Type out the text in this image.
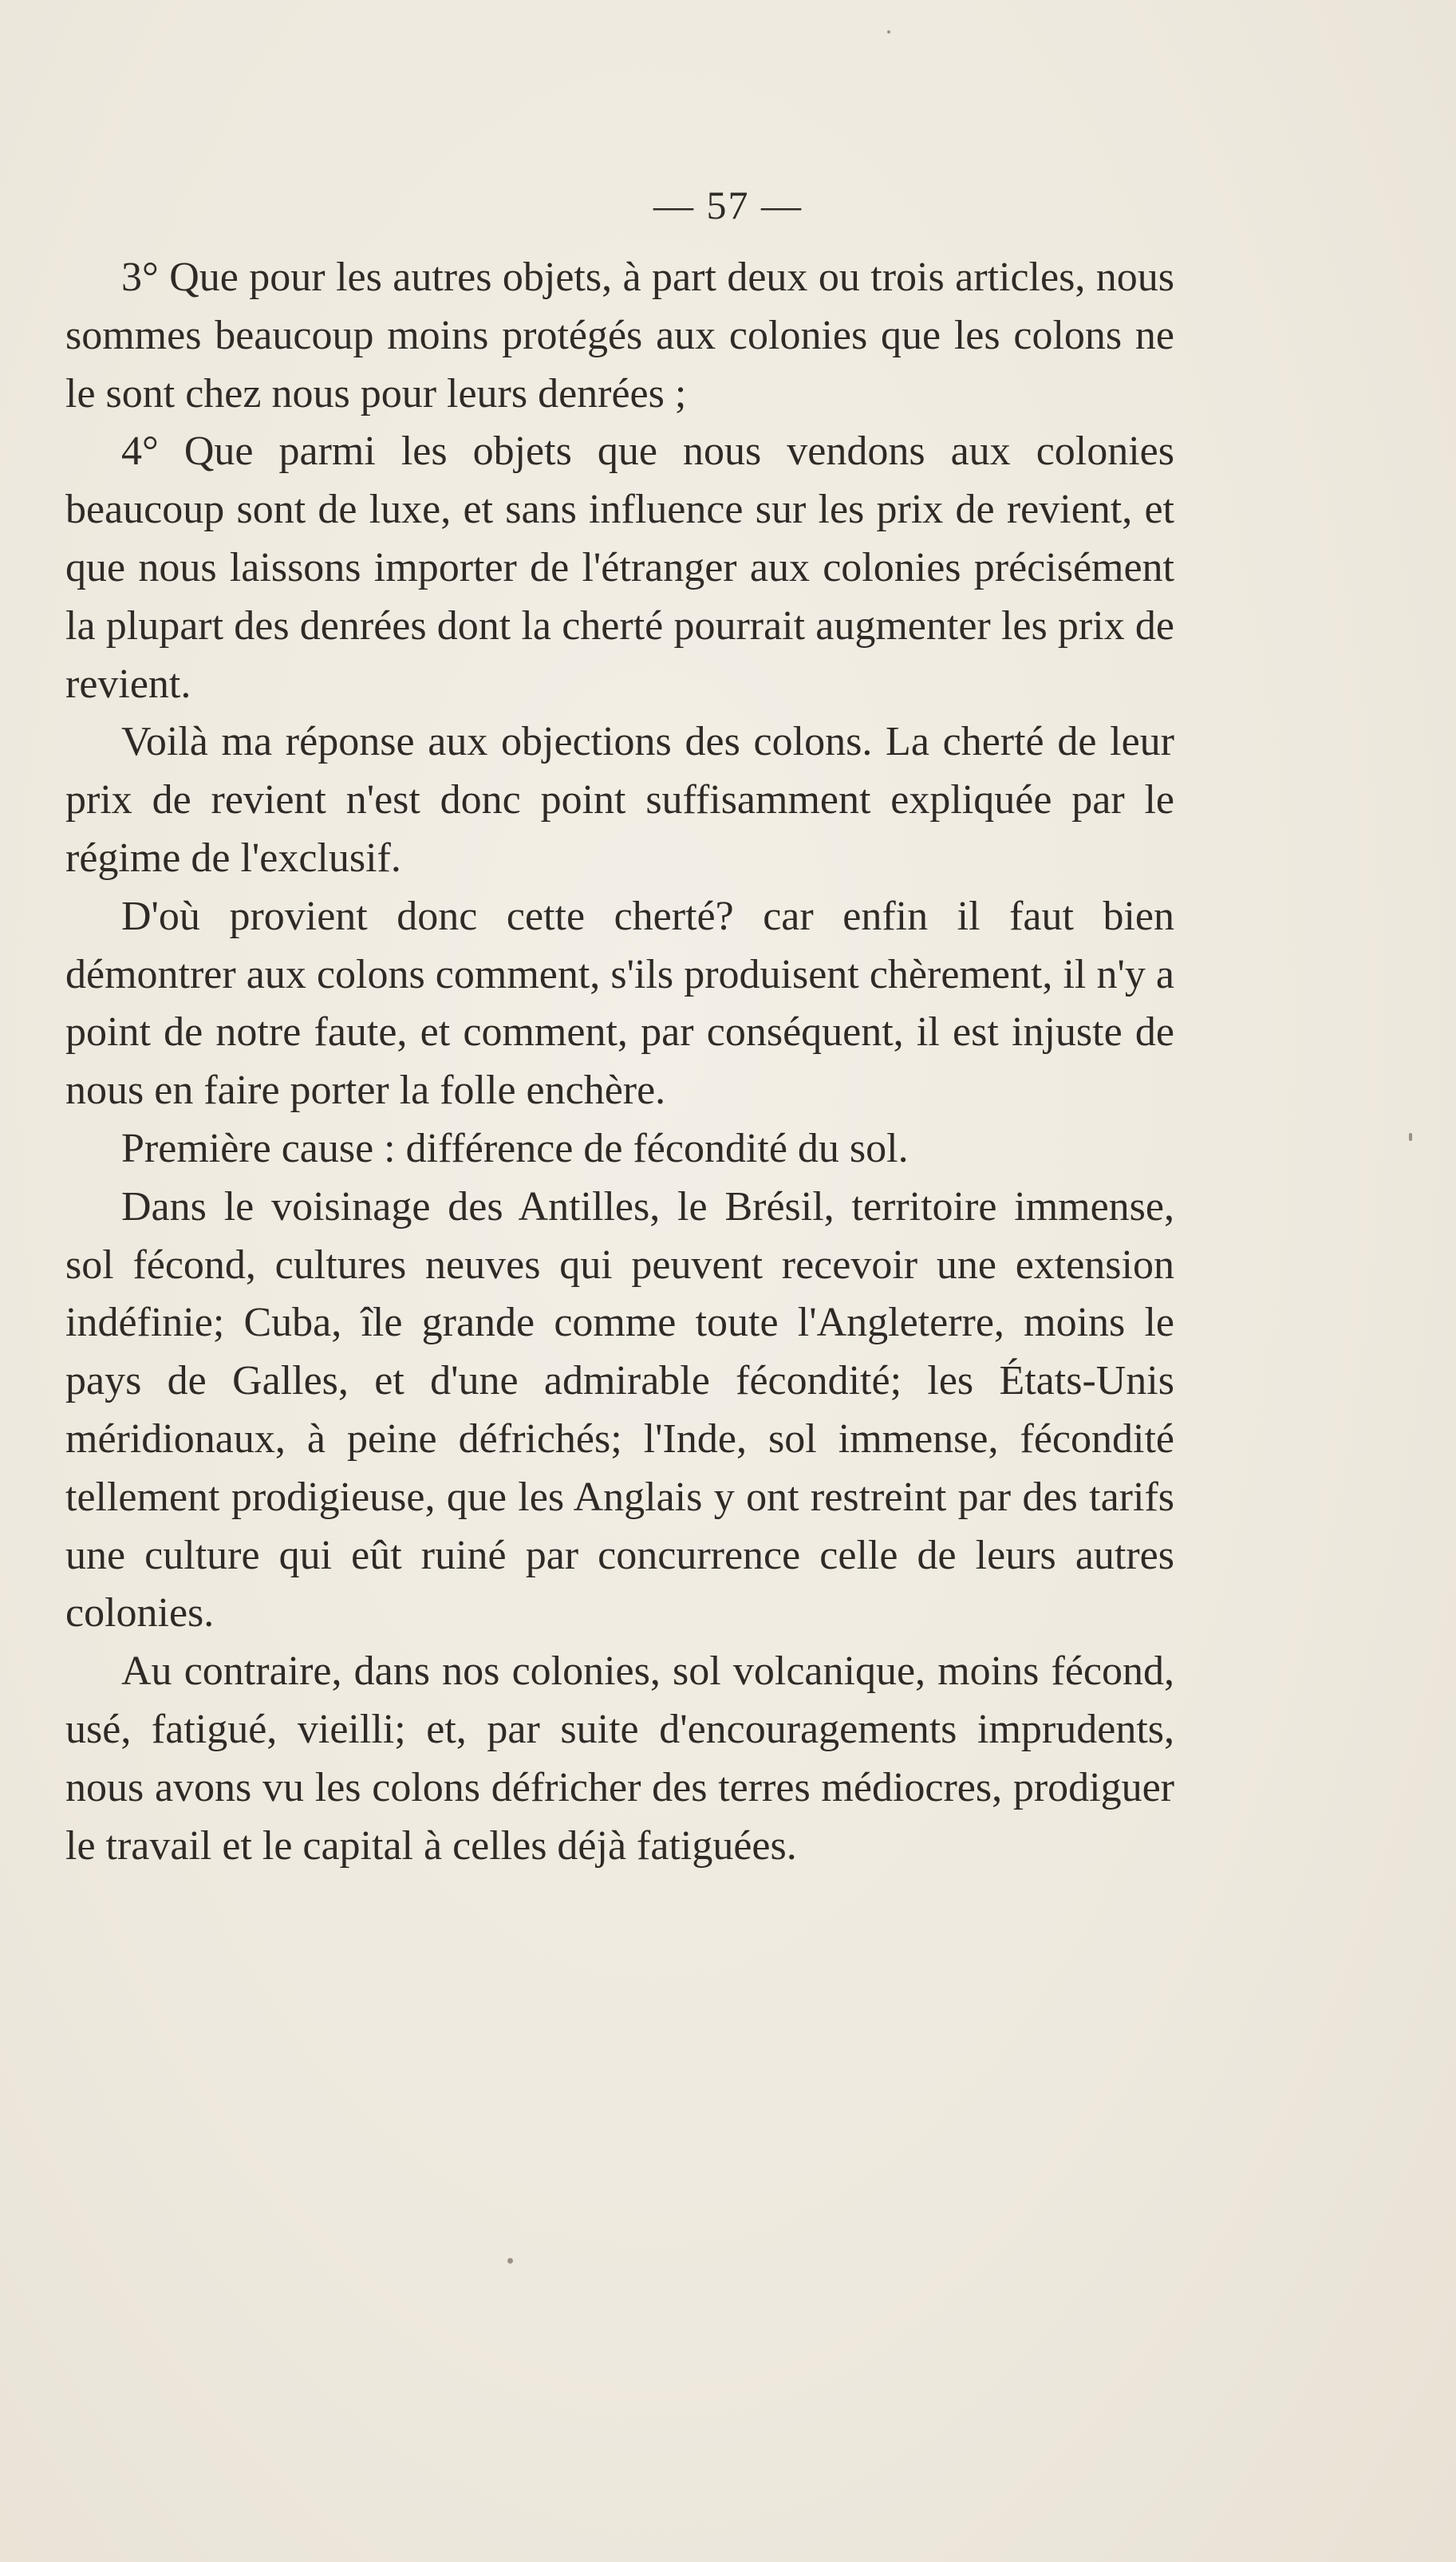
— 57 —

3° Que pour les autres objets, à part deux ou trois articles, nous sommes beaucoup moins protégés aux colonies que les colons ne le sont chez nous pour leurs denrées ;

4° Que parmi les objets que nous vendons aux colonies beaucoup sont de luxe, et sans influence sur les prix de revient, et que nous laissons importer de l'étranger aux colonies précisément la plupart des denrées dont la cherté pourrait augmenter les prix de revient.

Voilà ma réponse aux objections des colons. La cherté de leur prix de revient n'est donc point suffisamment expliquée par le régime de l'exclusif.

D'où provient donc cette cherté? car enfin il faut bien démontrer aux colons comment, s'ils produisent chèrement, il n'y a point de notre faute, et comment, par conséquent, il est injuste de nous en faire porter la folle enchère.

Première cause : différence de fécondité du sol.

Dans le voisinage des Antilles, le Brésil, territoire immense, sol fécond, cultures neuves qui peuvent recevoir une extension indéfinie; Cuba, île grande comme toute l'Angleterre, moins le pays de Galles, et d'une admirable fécondité; les États-Unis méridionaux, à peine défrichés; l'Inde, sol immense, fécondité tellement prodigieuse, que les Anglais y ont restreint par des tarifs une culture qui eût ruiné par concurrence celle de leurs autres colonies.

Au contraire, dans nos colonies, sol volcanique, moins fécond, usé, fatigué, vieilli; et, par suite d'encouragements imprudents, nous avons vu les colons défricher des terres médiocres, prodiguer le travail et le capital à celles déjà fatiguées.
